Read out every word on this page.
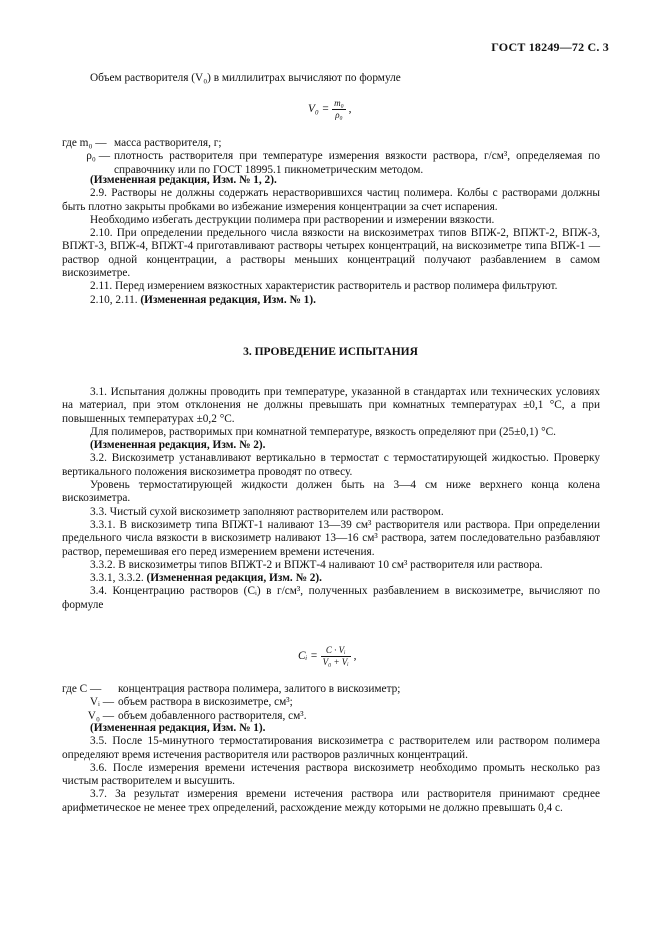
ГОСТ 18249—72 С. 3

Объем растворителя (V₀) в миллилитрах вычисляют по формуле

$V_0 = \frac{\text{m₀}}{\text{ρ₀}}$ ,
где m₀ — масса растворителя, г;
ρ₀ — плотность растворителя при температуре измерения вязкости раствора, г/см³, определяемая по справочнику или по ГОСТ 18995.1 пикнометрическим методом.

(Измененная редакция, Изм. № 1, 2).

2.9. Растворы не должны содержать нерастворившихся частиц полимера. Колбы с растворами должны быть плотно закрыты пробками во избежание измерения концентрации за счет испарения.

Необходимо избегать деструкции полимера при растворении и измерении вязкости.

2.10. При определении предельного числа вязкости на вискозиметрах типов ВПЖ-2, ВПЖТ-2, ВПЖ-3, ВПЖТ-3, ВПЖ-4, ВПЖТ-4 приготавливают растворы четырех концентраций, на вискозиметре типа ВПЖ-1 — раствор одной концентрации, а растворы меньших концентраций получают разбавлением в самом вискозиметре.

2.11. Перед измерением вязкостных характеристик растворитель и раствор полимера фильтруют.

2.10, 2.11. (Измененная редакция, Изм. № 1).

3. ПРОВЕДЕНИЕ ИСПЫТАНИЯ

3.1. Испытания должны проводить при температуре, указанной в стандартах или технических условиях на материал, при этом отклонения не должны превышать при комнатных температурах ±0,1 °С, а при повышенных температурах ±0,2 °С.

Для полимеров, растворимых при комнатной температуре, вязкость определяют при (25±0,1) °С.

(Измененная редакция, Изм. № 2).

3.2. Вискозиметр устанавливают вертикально в термостат с термостатирующей жидкостью. Проверку вертикального положения вискозиметра проводят по отвесу.

Уровень термостатирующей жидкости должен быть на 3—4 см ниже верхнего конца колена вискозиметра.

3.3. Чистый сухой вискозиметр заполняют растворителем или раствором.

3.3.1. В вискозиметр типа ВПЖТ-1 наливают 13—39 см³ растворителя или раствора. При определении предельного числа вязкости в вискозиметр наливают 13—16 см³ раствора, затем последовательно разбавляют раствор, перемешивая его перед измерением времени истечения.

3.3.2. В вискозиметры типов ВПЖТ-2 и ВПЖТ-4 наливают 10 см³ растворителя или раствора.

3.3.1, 3.3.2. (Измененная редакция, Изм. № 2).

3.4. Концентрацию растворов (Cᵢ) в г/см³, полученных разбавлением в вискозиметре, вычисляют по формуле

Cᵢ = $\frac{\text{C · Vᵢ}}{\text{V₀ + Vᵢ}}$ ,
где C —	концентрация раствора полимера, залитого в вискозиметр;
Vᵢ — объем раствора в вискозиметре, см³;
V₀ — объем добавленного растворителя, см³.

(Измененная редакция, Изм. № 1).

3.5. После 15-минутного термостатирования вискозиметра с растворителем или раствором полимера определяют время истечения растворителя или растворов различных концентраций.

3.6. После измерения времени истечения раствора вискозиметр необходимо промыть несколько раз чистым растворителем и высушить.

3.7. За результат измерения времени истечения раствора или растворителя принимают среднее арифметическое не менее трех определений, расхождение между которыми не должно превышать 0,4 с.
